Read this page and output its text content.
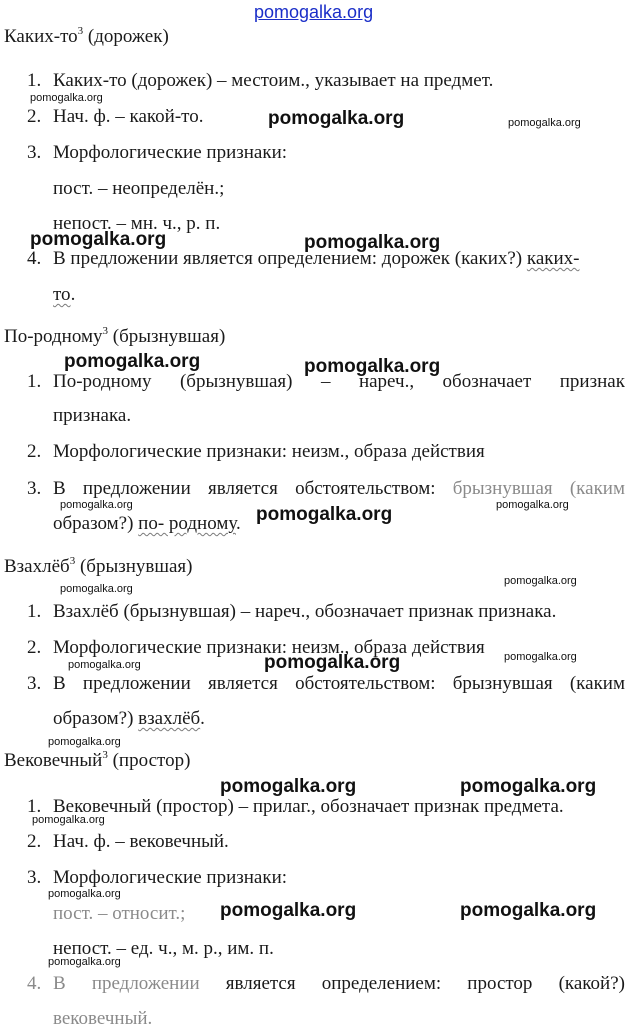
pomogalka.org
Каких-$то^3$ (дорожек)
1. Каких-то (дорожек) – местоим., указывает на предмет.
2. Нач. ф. – какой-то.
3. Морфологические признаки:
пост. – неопределён.;
непост. – мн. ч., р. п.
4. В предложении является определением: дорожек (каких?) каких-
то.
По-родному$^3$ (брызнувшая)
1. По-родному (брызнувшая) – нареч., обозначает признак
признака.
2. Морфологические признаки: неизм., образа действия
3. В предложении является обстоятельством: брызнувшая (каким
образом?) по- родному.
Взахлёб$^3$ (брызнувшая)
1. Взахлёб (брызнувшая) – нареч., обозначает признак признака.
2. Морфологические признаки: неизм., образа действия
3. В предложении является обстоятельством: брызнувшая (каким
образом?) взахлёб.
Вековечный$^3$ (простор)
1. Вековечный (простор) – прилаг., обозначает признак предмета.
2. Нач. ф. – вековечный.
3. Морфологические признаки:
пост. – относит.;
непост. – ед. ч., м. р., им. п.
4. В предложении является определением: простор (какой?)
вековечный.
pomogalka.org
pomogalka.org	pomogalka.org
pomogalka.org	pomogalka.org
pomogalka.org	pomogalka.org
pomogalka.org	pomogalka.org
pomogalka.org
pomogalka.org
pomogalka.org
pomogalka.org
pomogalka.org
pomogalka.org
pomogalka.org
pomogalka.org	pomogalka.org
pomogalka.org
pomogalka.org
pomogalka.org	pomogalka.org
pomogalka.org
